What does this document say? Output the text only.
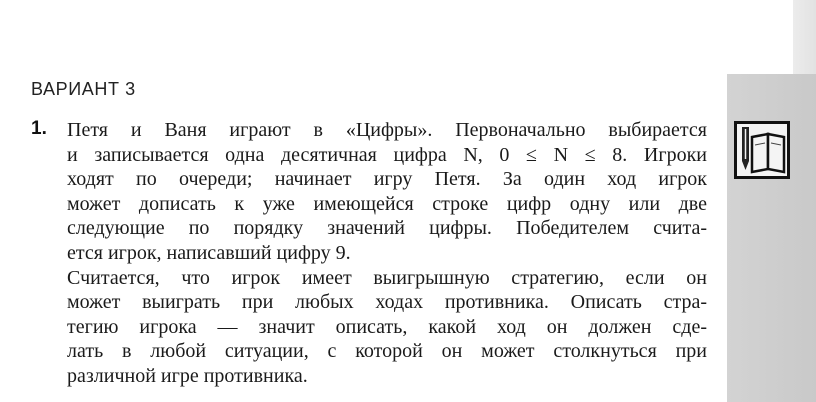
ВАРИАНТ 3
1. Петя и Ваня играют в «Цифры». Первоначально выбирается
и записывается одна десятичная цифра N, 0 ≤ N ≤ 8. Игроки
ходят по очереди; начинает игру Петя. За один ход игрок
может дописать к уже имеющейся строке цифр одну или две
следующие по порядку значений цифры. Победителем счита-
ется игрок, написавший цифру 9.
Считается, что игрок имеет выигрышную стратегию, если он
может выиграть при любых ходах противника. Описать стра-
тегию игрока — значит описать, какой ход он должен сде-
лать в любой ситуации, с которой он может столкнуться при
различной игре противника.
